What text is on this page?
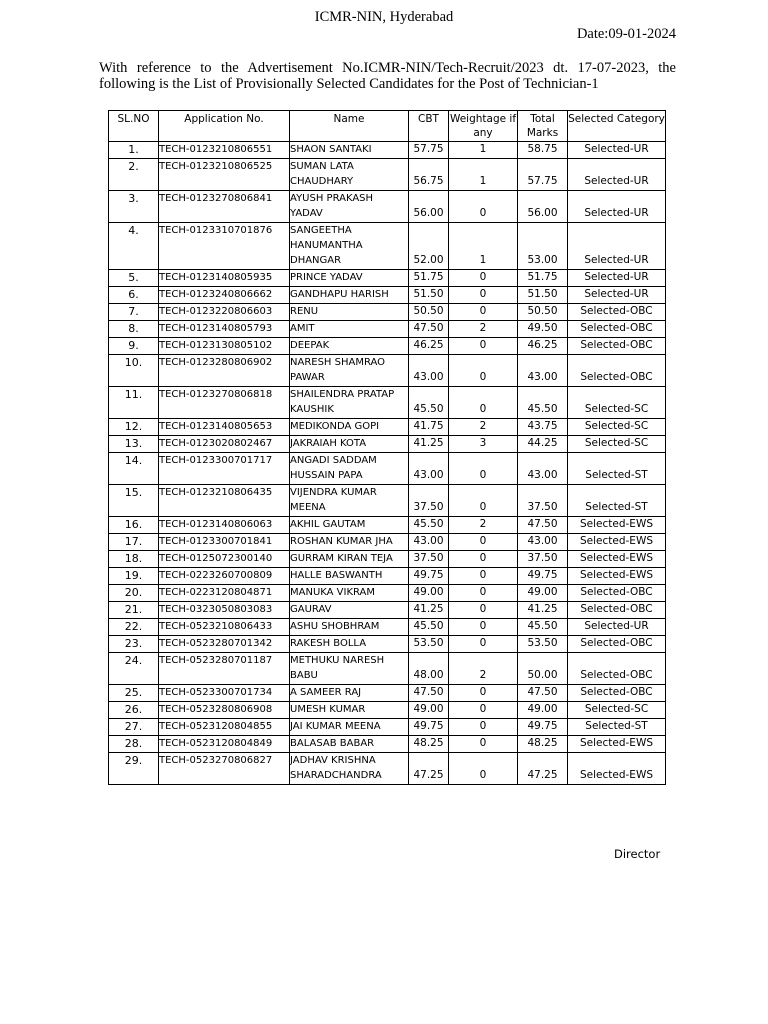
ICMR-NIN, Hyderabad
Date:09-01-2024
With reference to the Advertisement No.ICMR-NIN/Tech-Recruit/2023 dt. 17-07-2023, the following is the List of Provisionally Selected Candidates for the Post of Technician-1
SL.NO	Application No.	Name	CBT	Weightage if any	Total Marks	Selected Category
1.	TECH-0123210806551	SHAON SANTAKI	57.75	1	58.75	Selected-UR
2.	TECH-0123210806525	SUMAN LATA CHAUDHARY	56.75	1	57.75	Selected-UR
3.	TECH-0123270806841	AYUSH PRAKASH YADAV	56.00	0	56.00	Selected-UR
4.	TECH-0123310701876	SANGEETHA HANUMANTHA DHANGAR	52.00	1	53.00	Selected-UR
5.	TECH-0123140805935	PRINCE YADAV	51.75	0	51.75	Selected-UR
6.	TECH-0123240806662	GANDHAPU HARISH	51.50	0	51.50	Selected-UR
7.	TECH-0123220806603	RENU	50.50	0	50.50	Selected-OBC
8.	TECH-0123140805793	AMIT	47.50	2	49.50	Selected-OBC
9.	TECH-0123130805102	DEEPAK	46.25	0	46.25	Selected-OBC
10.	TECH-0123280806902	NARESH SHAMRAO PAWAR	43.00	0	43.00	Selected-OBC
11.	TECH-0123270806818	SHAILENDRA PRATAP KAUSHIK	45.50	0	45.50	Selected-SC
12.	TECH-0123140805653	MEDIKONDA GOPI	41.75	2	43.75	Selected-SC
13.	TECH-0123020802467	JAKRAIAH KOTA	41.25	3	44.25	Selected-SC
14.	TECH-0123300701717	ANGADI SADDAM HUSSAIN PAPA	43.00	0	43.00	Selected-ST
15.	TECH-0123210806435	VIJENDRA KUMAR MEENA	37.50	0	37.50	Selected-ST
16.	TECH-0123140806063	AKHIL GAUTAM	45.50	2	47.50	Selected-EWS
17.	TECH-0123300701841	ROSHAN KUMAR JHA	43.00	0	43.00	Selected-EWS
18.	TECH-0125072300140	GURRAM KIRAN TEJA	37.50	0	37.50	Selected-EWS
19.	TECH-0223260700809	HALLE BASWANTH	49.75	0	49.75	Selected-EWS
20.	TECH-0223120804871	MANUKA VIKRAM	49.00	0	49.00	Selected-OBC
21.	TECH-0323050803083	GAURAV	41.25	0	41.25	Selected-OBC
22.	TECH-0523210806433	ASHU SHOBHRAM	45.50	0	45.50	Selected-UR
23.	TECH-0523280701342	RAKESH BOLLA	53.50	0	53.50	Selected-OBC
24.	TECH-0523280701187	METHUKU NARESH BABU	48.00	2	50.00	Selected-OBC
25.	TECH-0523300701734	A SAMEER RAJ	47.50	0	47.50	Selected-OBC
26.	TECH-0523280806908	UMESH KUMAR	49.00	0	49.00	Selected-SC
27.	TECH-0523120804855	JAI KUMAR MEENA	49.75	0	49.75	Selected-ST
28.	TECH-0523120804849	BALASAB BABAR	48.25	0	48.25	Selected-EWS
29.	TECH-0523270806827	JADHAV KRISHNA SHARADCHANDRA	47.25	0	47.25	Selected-EWS
Director
